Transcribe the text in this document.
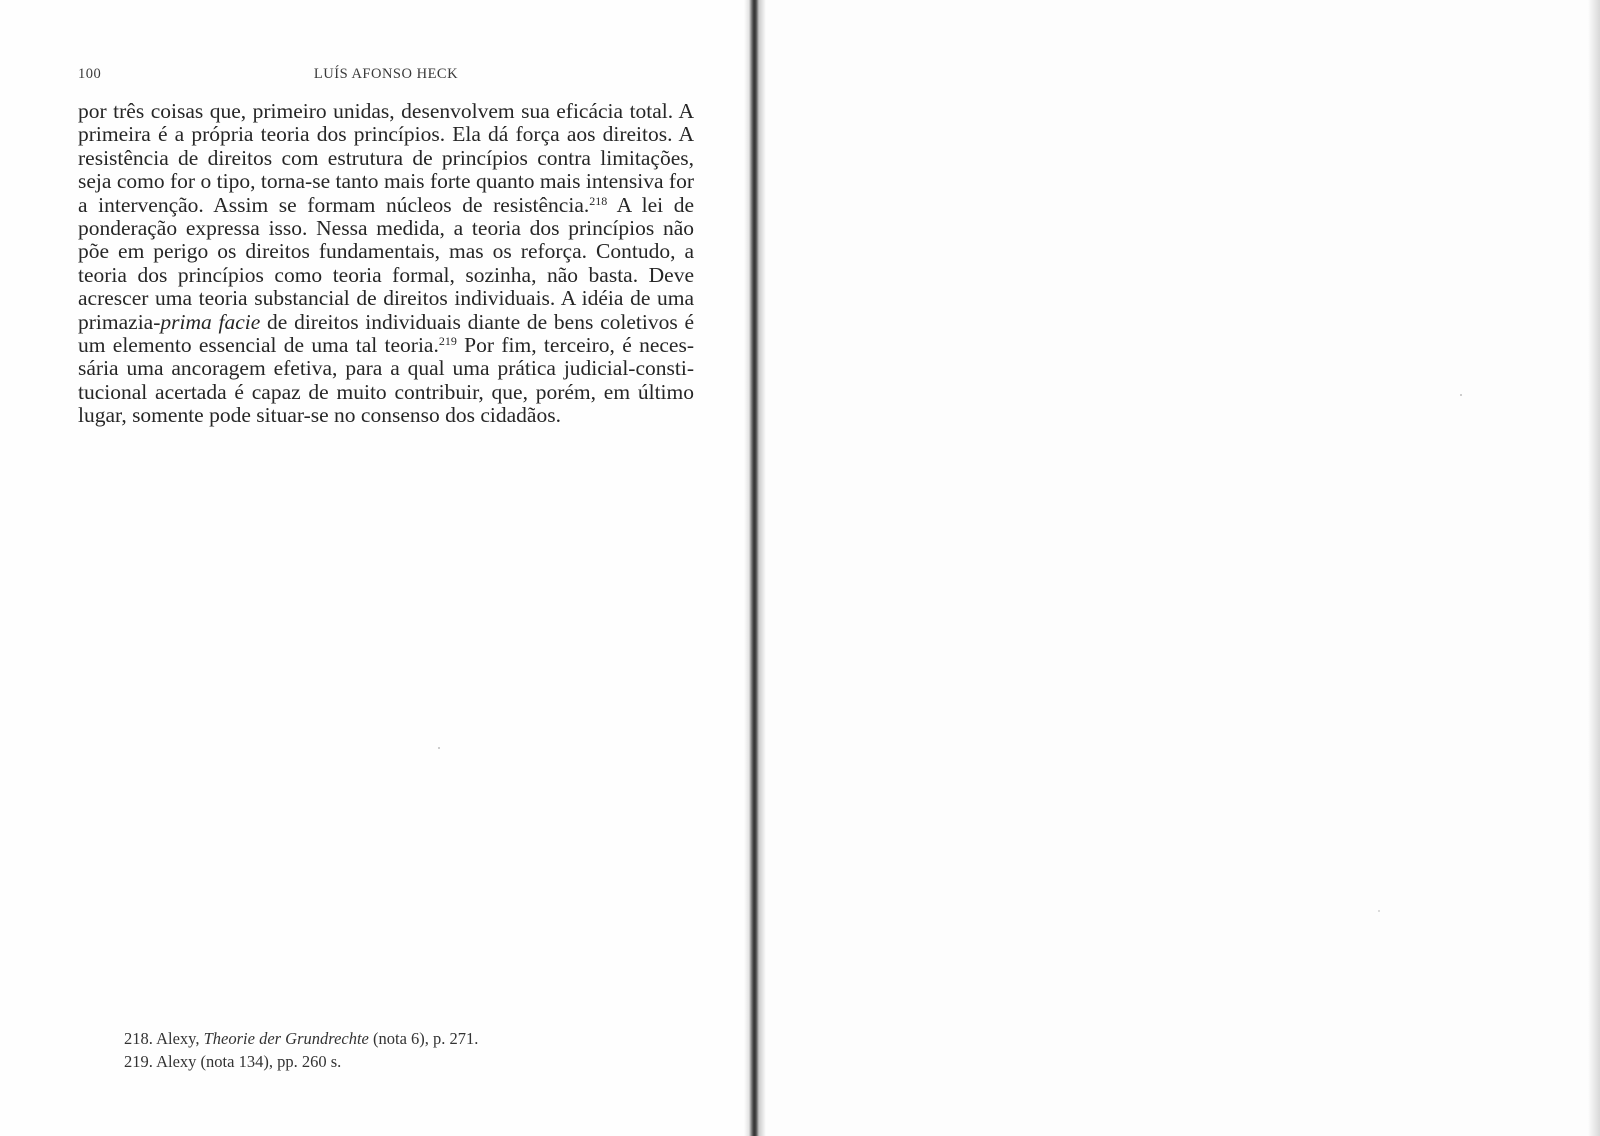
100	LUÍS AFONSO HECK

por três coisas que, primeiro unidas, desenvolvem sua eficácia total. A primeira é a própria teoria dos princípios. Ela dá força aos direitos. A resistência de direitos com estrutura de princípios contra limitações, seja como for o tipo, torna-se tanto mais forte quanto mais intensiva for a intervenção. Assim se formam núcleos de resistência.$^{218}$ A lei de ponderação expressa isso. Nessa medida, a teoria dos princípios não põe em perigo os direitos fundamentais, mas os reforça. Contudo, a teoria dos princípios como teoria formal, sozinha, não basta. Deve acrescer uma teoria substancial de direitos individuais. A idéia de uma primazia-prima facie de direitos individuais diante de bens coletivos é um elemento essencial de uma tal teoria.$^{219}$ Por fim, terceiro, é necessária uma ancoragem efetiva, para a qual uma prática judicial-constitucional acertada é capaz de muito contribuir, que, porém, em último lugar, somente pode situar-se no consenso dos cidadãos.

218. Alexy, Theorie der Grundrechte (nota 6), p. 271.
219. Alexy (nota 134), pp. 260 s.
